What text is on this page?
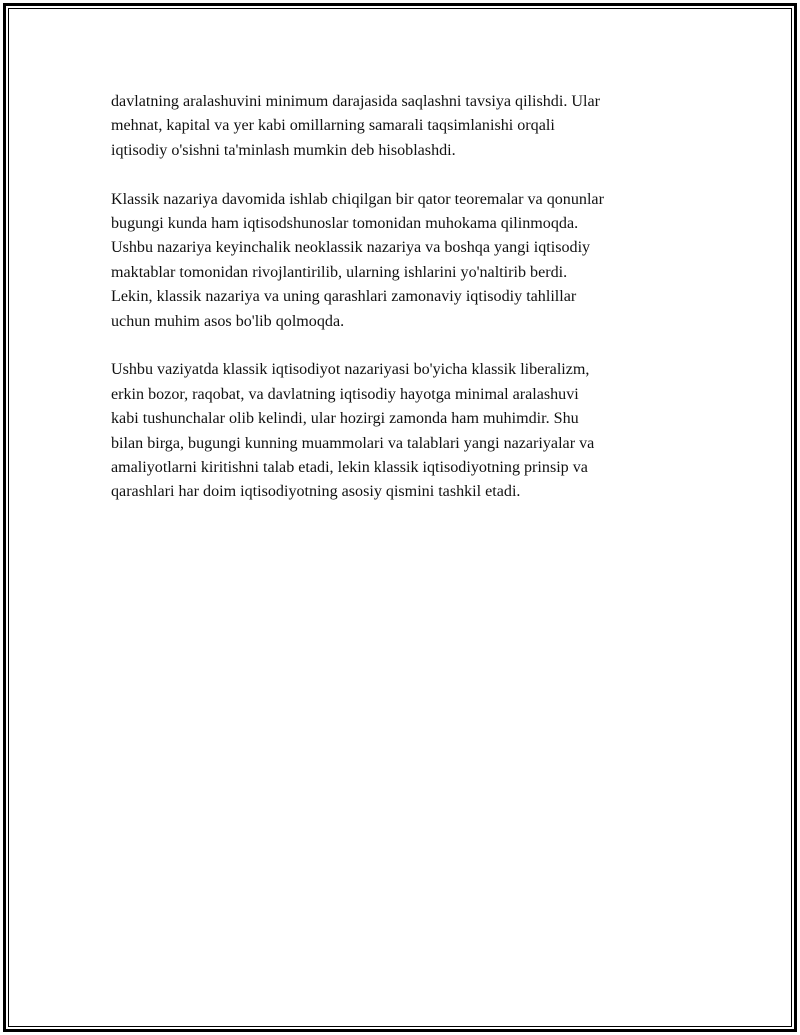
davlatning aralashuvini minimum darajasida saqlashni tavsiya qilishdi. Ular
mehnat, kapital va yer kabi omillarning samarali taqsimlanishi orqali
iqtisodiy o'sishni ta'minlash mumkin deb hisoblashdi.

Klassik nazariya davomida ishlab chiqilgan bir qator teoremalar va qonunlar
bugungi kunda ham iqtisodshunoslar tomonidan muhokama qilinmoqda.
Ushbu nazariya keyinchalik neoklassik nazariya va boshqa yangi iqtisodiy
maktablar tomonidan rivojlantirilib, ularning ishlarini yo'naltirib berdi.
Lekin, klassik nazariya va uning qarashlari zamonaviy iqtisodiy tahlillar
uchun muhim asos bo'lib qolmoqda.

Ushbu vaziyatda klassik iqtisodiyot nazariyasi bo'yicha klassik liberalizm,
erkin bozor, raqobat, va davlatning iqtisodiy hayotga minimal aralashuvi
kabi tushunchalar olib kelindi, ular hozirgi zamonda ham muhimdir. Shu
bilan birga, bugungi kunning muammolari va talablari yangi nazariyalar va
amaliyotlarni kiritishni talab etadi, lekin klassik iqtisodiyotning prinsip va
qarashlari har doim iqtisodiyotning asosiy qismini tashkil etadi.
